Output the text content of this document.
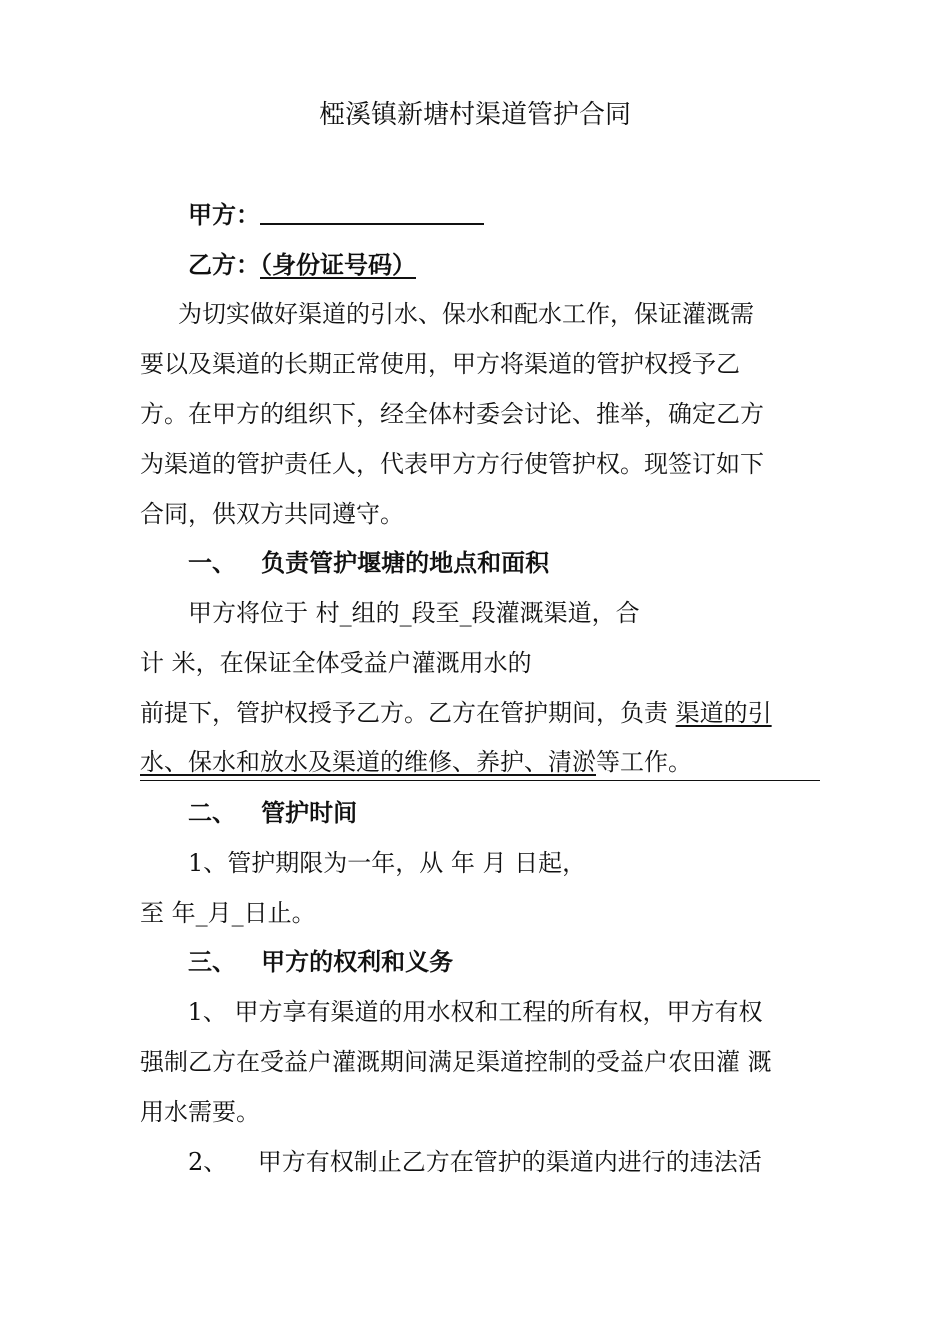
椏溪镇新塘村渠道管护合同
甲方：
乙方：（身份证号码）
为切实做好渠道的引水、保水和配水工作，保证灌溉需
要以及渠道的长期正常使用，甲方将渠道的管护权授予乙
方。在甲方的组织下，经全体村委会讨论、推举，确定乙方
为渠道的管护责任人，代表甲方方行使管护权。现签订如下
合同，供双方共同遵守。
一、   负责管护堰塘的地点和面积
甲方将位于 村_组的_段至_段灌溉渠道，合
计 米，在保证全体受益户灌溉用水的
前提下，管护权授予乙方。乙方在管护期间，负责 渠道的引
水、保水和放水及渠道的维修、养护、清淤等工作。
二、   管护时间
1、管护期限为一年，从 年 月 日起，
至 年_月_日止。
三、   甲方的权利和义务
1、 甲方享有渠道的用水权和工程的所有权，甲方有权
强制乙方在受益户灌溉期间满足渠道控制的受益户农田灌 溉
用水需要。
2、    甲方有权制止乙方在管护的渠道内进行的违法活
